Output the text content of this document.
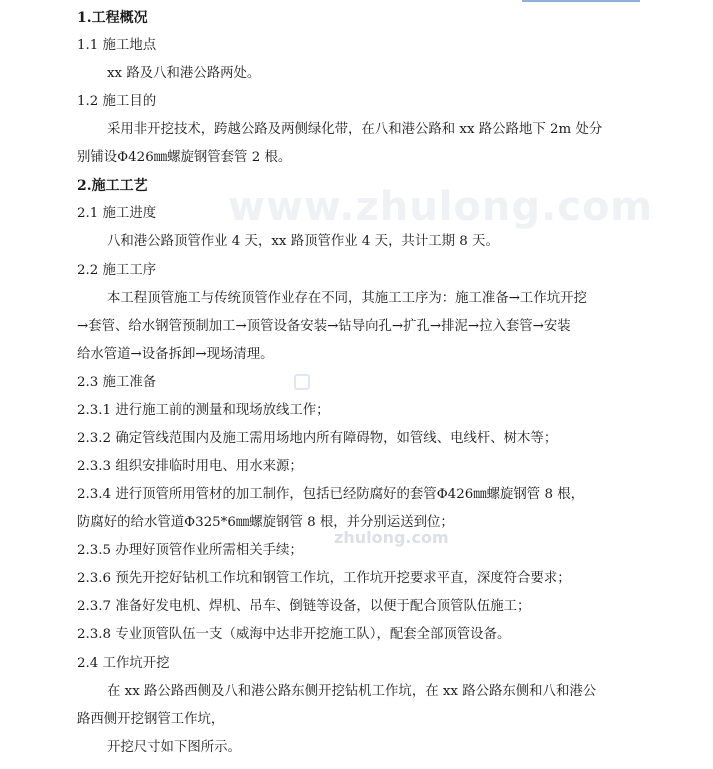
www.zhulong.com
zhulong.com
1.工程概况
1.1 施工地点
xx 路及八和港公路两处。
1.2 施工目的
采用非开挖技术，跨越公路及两侧绿化带，在八和港公路和 xx 路公路地下 2m 处分
别铺设Φ426㎜螺旋钢管套管 2 根。
2.施工工艺
2.1 施工进度
八和港公路顶管作业 4 天，xx 路顶管作业 4 天，共计工期 8 天。
2.2 施工工序
本工程顶管施工与传统顶管作业存在不同，其施工工序为：施工准备→工作坑开挖
→套管、给水钢管预制加工→顶管设备安装→钻导向孔→扩孔→排泥→拉入套管→安装
给水管道→设备拆卸→现场清理。
2.3 施工准备
2.3.1 进行施工前的测量和现场放线工作；
2.3.2 确定管线范围内及施工需用场地内所有障碍物，如管线、电线杆、树木等；
2.3.3 组织安排临时用电、用水来源；
2.3.4 进行顶管所用管材的加工制作，包括已经防腐好的套管Φ426㎜螺旋钢管 8 根，
防腐好的给水管道Φ325*6㎜螺旋钢管 8 根，并分别运送到位；
2.3.5 办理好顶管作业所需相关手续；
2.3.6 预先开挖好钻机工作坑和钢管工作坑，工作坑开挖要求平直，深度符合要求；
2.3.7 准备好发电机、焊机、吊车、倒链等设备，以便于配合顶管队伍施工；
2.3.8 专业顶管队伍一支（威海中达非开挖施工队），配套全部顶管设备。
2.4 工作坑开挖
在 xx 路公路西侧及八和港公路东侧开挖钻机工作坑，在 xx 路公路东侧和八和港公
路西侧开挖钢管工作坑，
开挖尺寸如下图所示。
